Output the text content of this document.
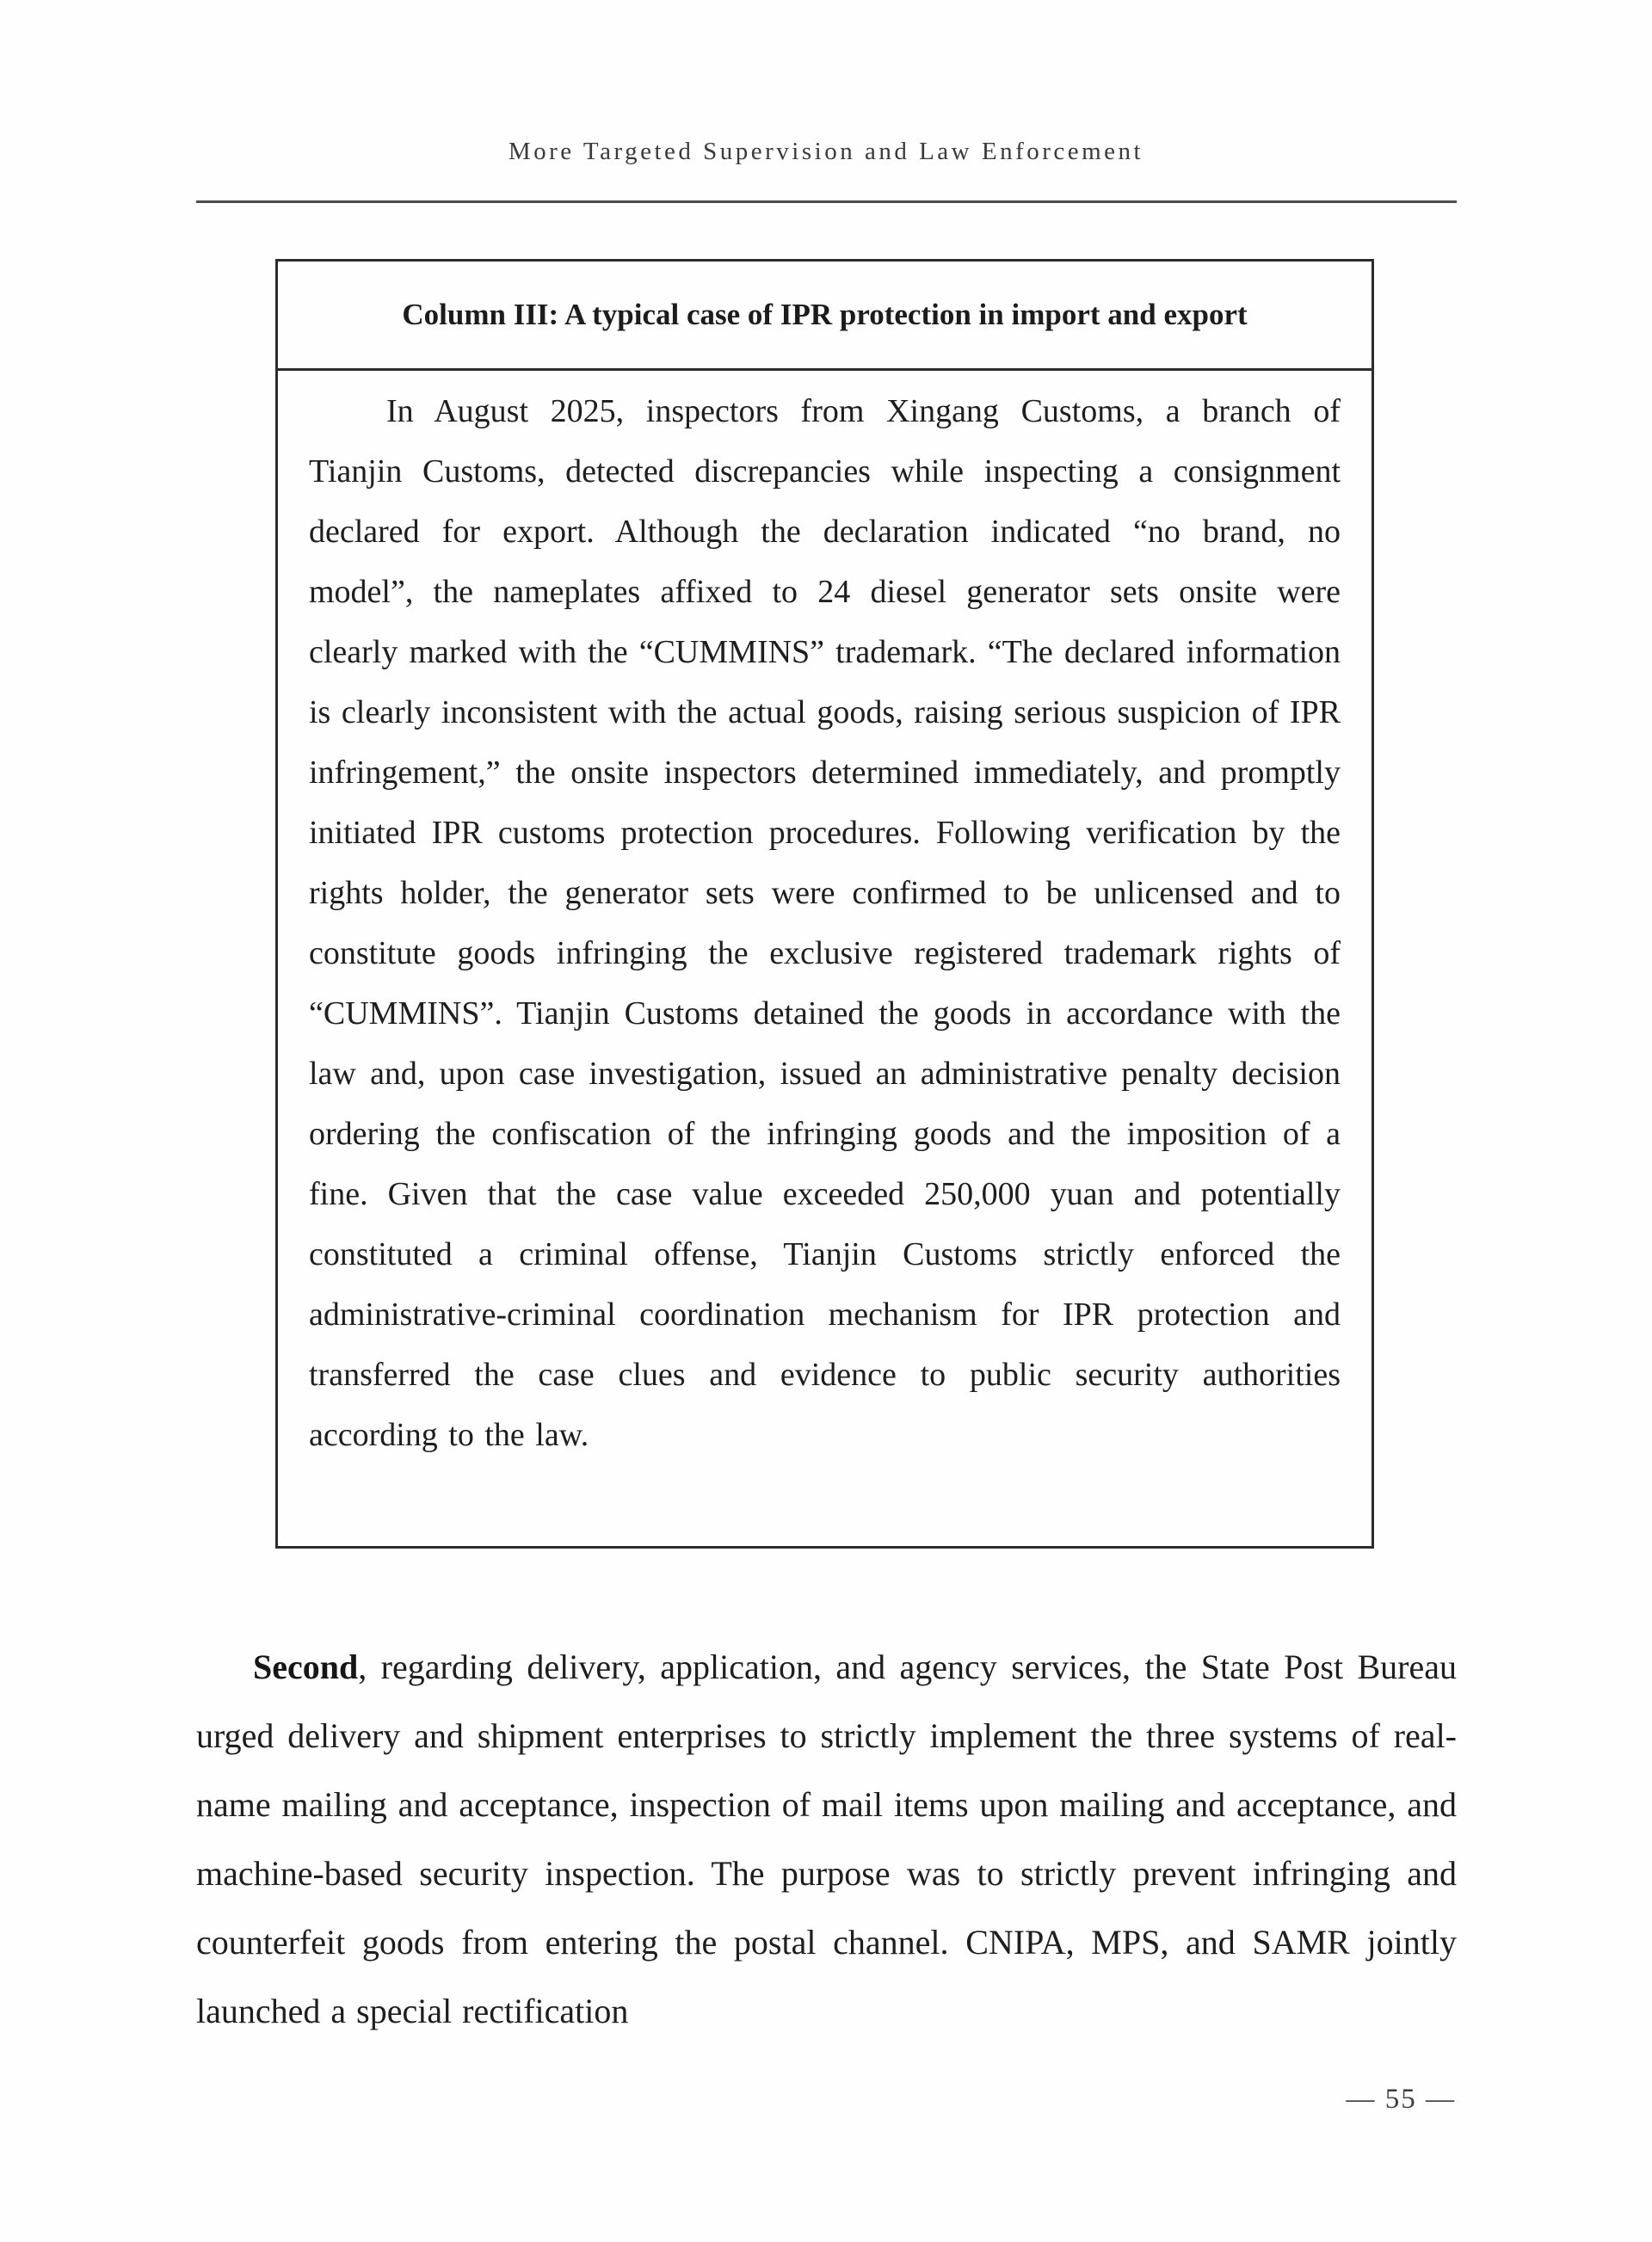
More Targeted Supervision and Law Enforcement
Column III: A typical case of IPR protection in import and export
In August 2025, inspectors from Xingang Customs, a branch of Tianjin Customs, detected discrepancies while inspecting a consignment declared for export. Although the declaration indicated “no brand, no model”, the nameplates affixed to 24 diesel generator sets onsite were clearly marked with the “CUMMINS” trademark. “The declared information is clearly inconsistent with the actual goods, raising serious suspicion of IPR infringement,” the onsite inspectors determined immediately, and promptly initiated IPR customs protection procedures. Following verification by the rights holder, the generator sets were confirmed to be unlicensed and to constitute goods infringing the exclusive registered trademark rights of “CUMMINS”. Tianjin Customs detained the goods in accordance with the law and, upon case investigation, issued an administrative penalty decision ordering the confiscation of the infringing goods and the imposition of a fine. Given that the case value exceeded 250,000 yuan and potentially constituted a criminal offense, Tianjin Customs strictly enforced the administrative-criminal coordination mechanism for IPR protection and transferred the case clues and evidence to public security authorities according to the law.

Second, regarding delivery, application, and agency services, the State Post Bureau urged delivery and shipment enterprises to strictly implement the three systems of real-name mailing and acceptance, inspection of mail items upon mailing and acceptance, and machine-based security inspection. The purpose was to strictly prevent infringing and counterfeit goods from entering the postal channel. CNIPA, MPS, and SAMR jointly launched a special rectification

— 55 —
